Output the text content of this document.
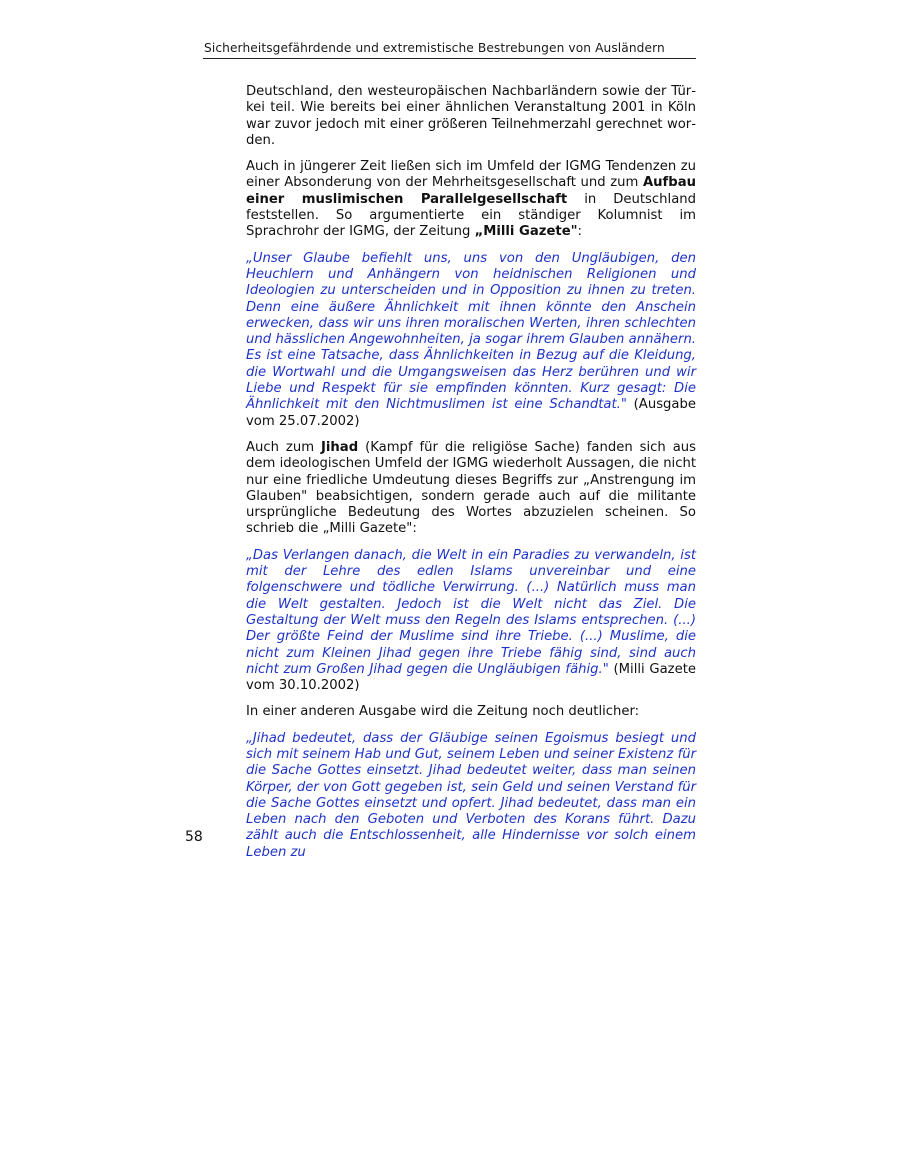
Sicherheitsgefährdende und extremistische Bestrebungen von Ausländern

Deutschland, den westeuropäischen Nachbarländern sowie der Türkei teil. Wie bereits bei einer ähnlichen Veranstaltung 2001 in Köln war zuvor jedoch mit einer größeren Teilnehmerzahl gerechnet worden.

Auch in jüngerer Zeit ließen sich im Umfeld der IGMG Tendenzen zu einer Absonderung von der Mehrheitsgesellschaft und zum Aufbau einer muslimischen Parallelgesellschaft in Deutschland feststellen. So argumentierte ein ständiger Kolumnist im Sprachrohr der IGMG, der Zeitung „Milli Gazete":

„Unser Glaube befiehlt uns, uns von den Ungläubigen, den Heuchlern und Anhängern von heidnischen Religionen und Ideologien zu unterscheiden und in Opposition zu ihnen zu treten. Denn eine äußere Ähnlichkeit mit ihnen könnte den Anschein erwecken, dass wir uns ihren moralischen Werten, ihren schlechten und hässlichen Angewohnheiten, ja sogar ihrem Glauben annähern. Es ist eine Tatsache, dass Ähnlichkeiten in Bezug auf die Kleidung, die Wortwahl und die Umgangsweisen das Herz berühren und wir Liebe und Respekt für sie empfinden könnten. Kurz gesagt: Die Ähnlichkeit mit den Nichtmuslimen ist eine Schandtat." (Ausgabe vom 25.07.2002)

Auch zum Jihad (Kampf für die religiöse Sache) fanden sich aus dem ideologischen Umfeld der IGMG wiederholt Aussagen, die nicht nur eine friedliche Umdeutung dieses Begriffs zur „Anstrengung im Glauben" beabsichtigen, sondern gerade auch auf die militante ursprüngliche Bedeutung des Wortes abzuzielen scheinen. So schrieb die „Milli Gazete":

„Das Verlangen danach, die Welt in ein Paradies zu verwandeln, ist mit der Lehre des edlen Islams unvereinbar und eine folgenschwere und tödliche Verwirrung. (...) Natürlich muss man die Welt gestalten. Jedoch ist die Welt nicht das Ziel. Die Gestaltung der Welt muss den Regeln des Islams entsprechen. (...) Der größte Feind der Muslime sind ihre Triebe. (...) Muslime, die nicht zum Kleinen Jihad gegen ihre Triebe fähig sind, sind auch nicht zum Großen Jihad gegen die Ungläubigen fähig." (Milli Gazete vom 30.10.2002)

In einer anderen Ausgabe wird die Zeitung noch deutlicher:

„Jihad bedeutet, dass der Gläubige seinen Egoismus besiegt und sich mit seinem Hab und Gut, seinem Leben und seiner Existenz für die Sache Gottes einsetzt. Jihad bedeutet weiter, dass man seinen Körper, der von Gott gegeben ist, sein Geld und seinen Verstand für die Sache Gottes einsetzt und opfert. Jihad bedeutet, dass man ein Leben nach den Geboten und Verboten des Korans führt. Dazu zählt auch die Entschlossenheit, alle Hindernisse vor solch einem Leben zu

58
